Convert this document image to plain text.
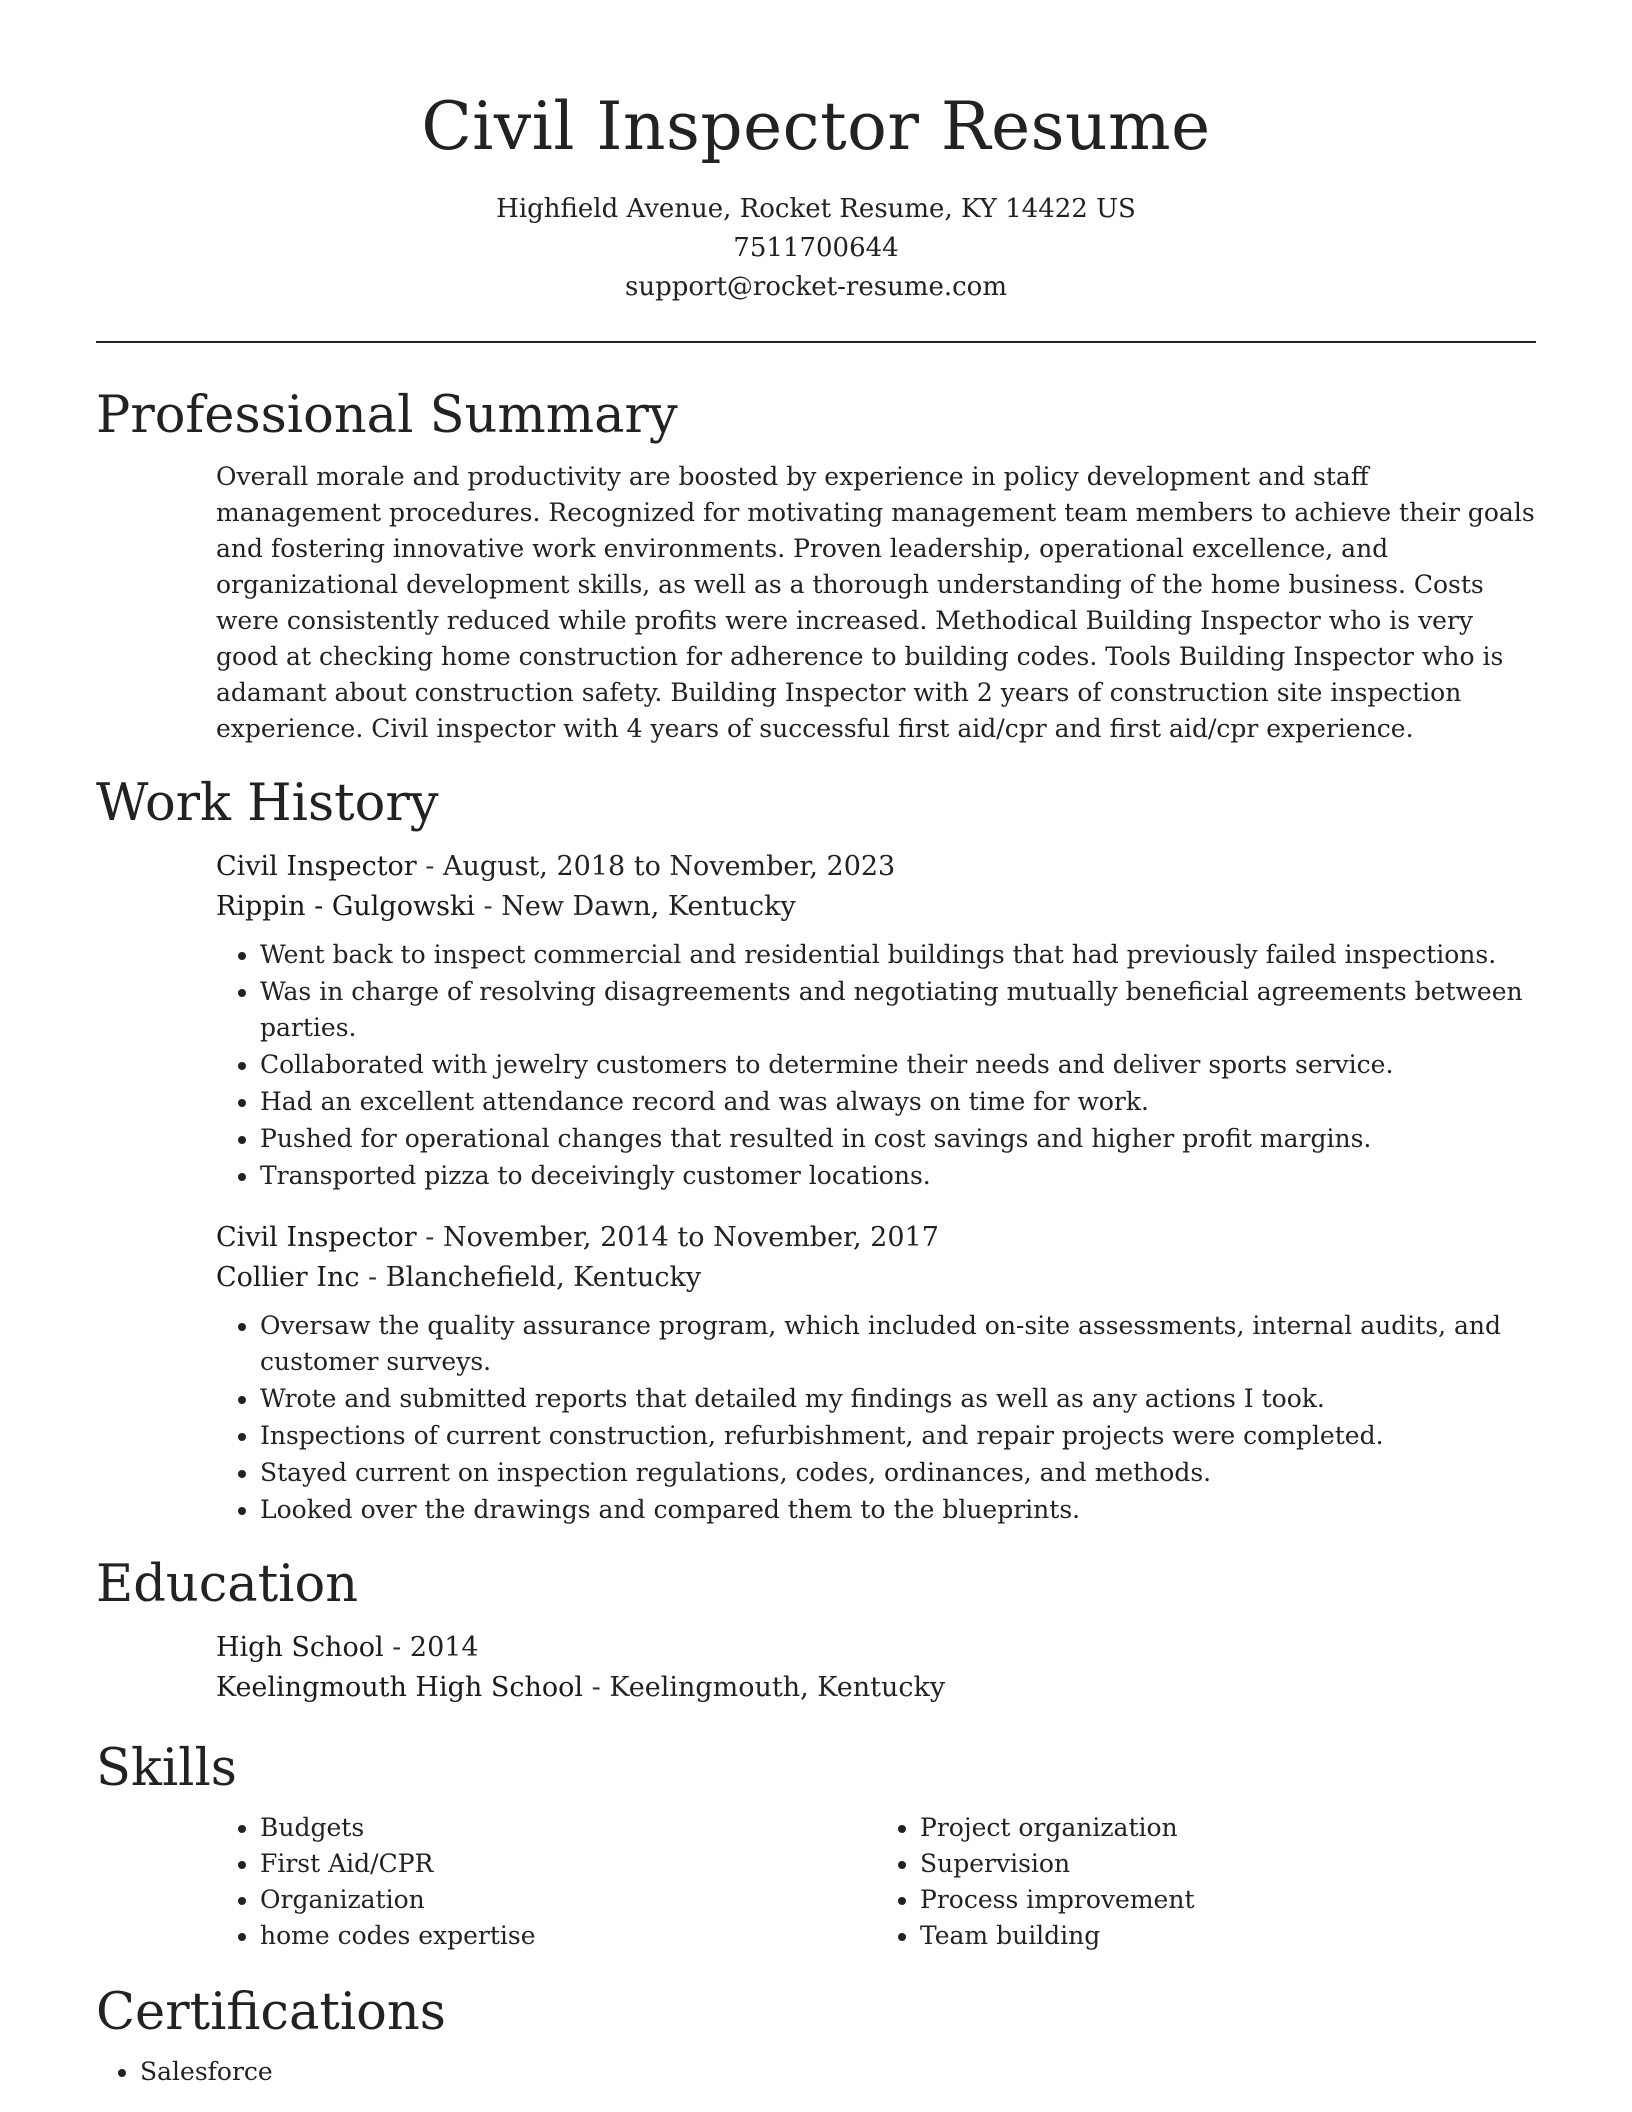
Civil Inspector Resume
Highfield Avenue, Rocket Resume, KY 14422 US
7511700644
support@rocket-resume.com
Professional Summary
Overall morale and productivity are boosted by experience in policy development and staff management procedures. Recognized for motivating management team members to achieve their goals and fostering innovative work environments. Proven leadership, operational excellence, and organizational development skills, as well as a thorough understanding of the home business. Costs were consistently reduced while profits were increased. Methodical Building Inspector who is very good at checking home construction for adherence to building codes. Tools Building Inspector who is adamant about construction safety. Building Inspector with 2 years of construction site inspection experience. Civil inspector with 4 years of successful first aid/cpr and first aid/cpr experience.
Work History
Civil Inspector - August, 2018 to November, 2023
Rippin - Gulgowski - New Dawn, Kentucky
• Went back to inspect commercial and residential buildings that had previously failed inspections.
• Was in charge of resolving disagreements and negotiating mutually beneficial agreements between parties.
• Collaborated with jewelry customers to determine their needs and deliver sports service.
• Had an excellent attendance record and was always on time for work.
• Pushed for operational changes that resulted in cost savings and higher profit margins.
• Transported pizza to deceivingly customer locations.
Civil Inspector - November, 2014 to November, 2017
Collier Inc - Blanchefield, Kentucky
• Oversaw the quality assurance program, which included on-site assessments, internal audits, and customer surveys.
• Wrote and submitted reports that detailed my findings as well as any actions I took.
• Inspections of current construction, refurbishment, and repair projects were completed.
• Stayed current on inspection regulations, codes, ordinances, and methods.
• Looked over the drawings and compared them to the blueprints.
Education
High School - 2014
Keelingmouth High School - Keelingmouth, Kentucky
Skills
• Budgets
• First Aid/CPR
• Organization
• home codes expertise
• Project organization
• Supervision
• Process improvement
• Team building
Certifications
• Salesforce
